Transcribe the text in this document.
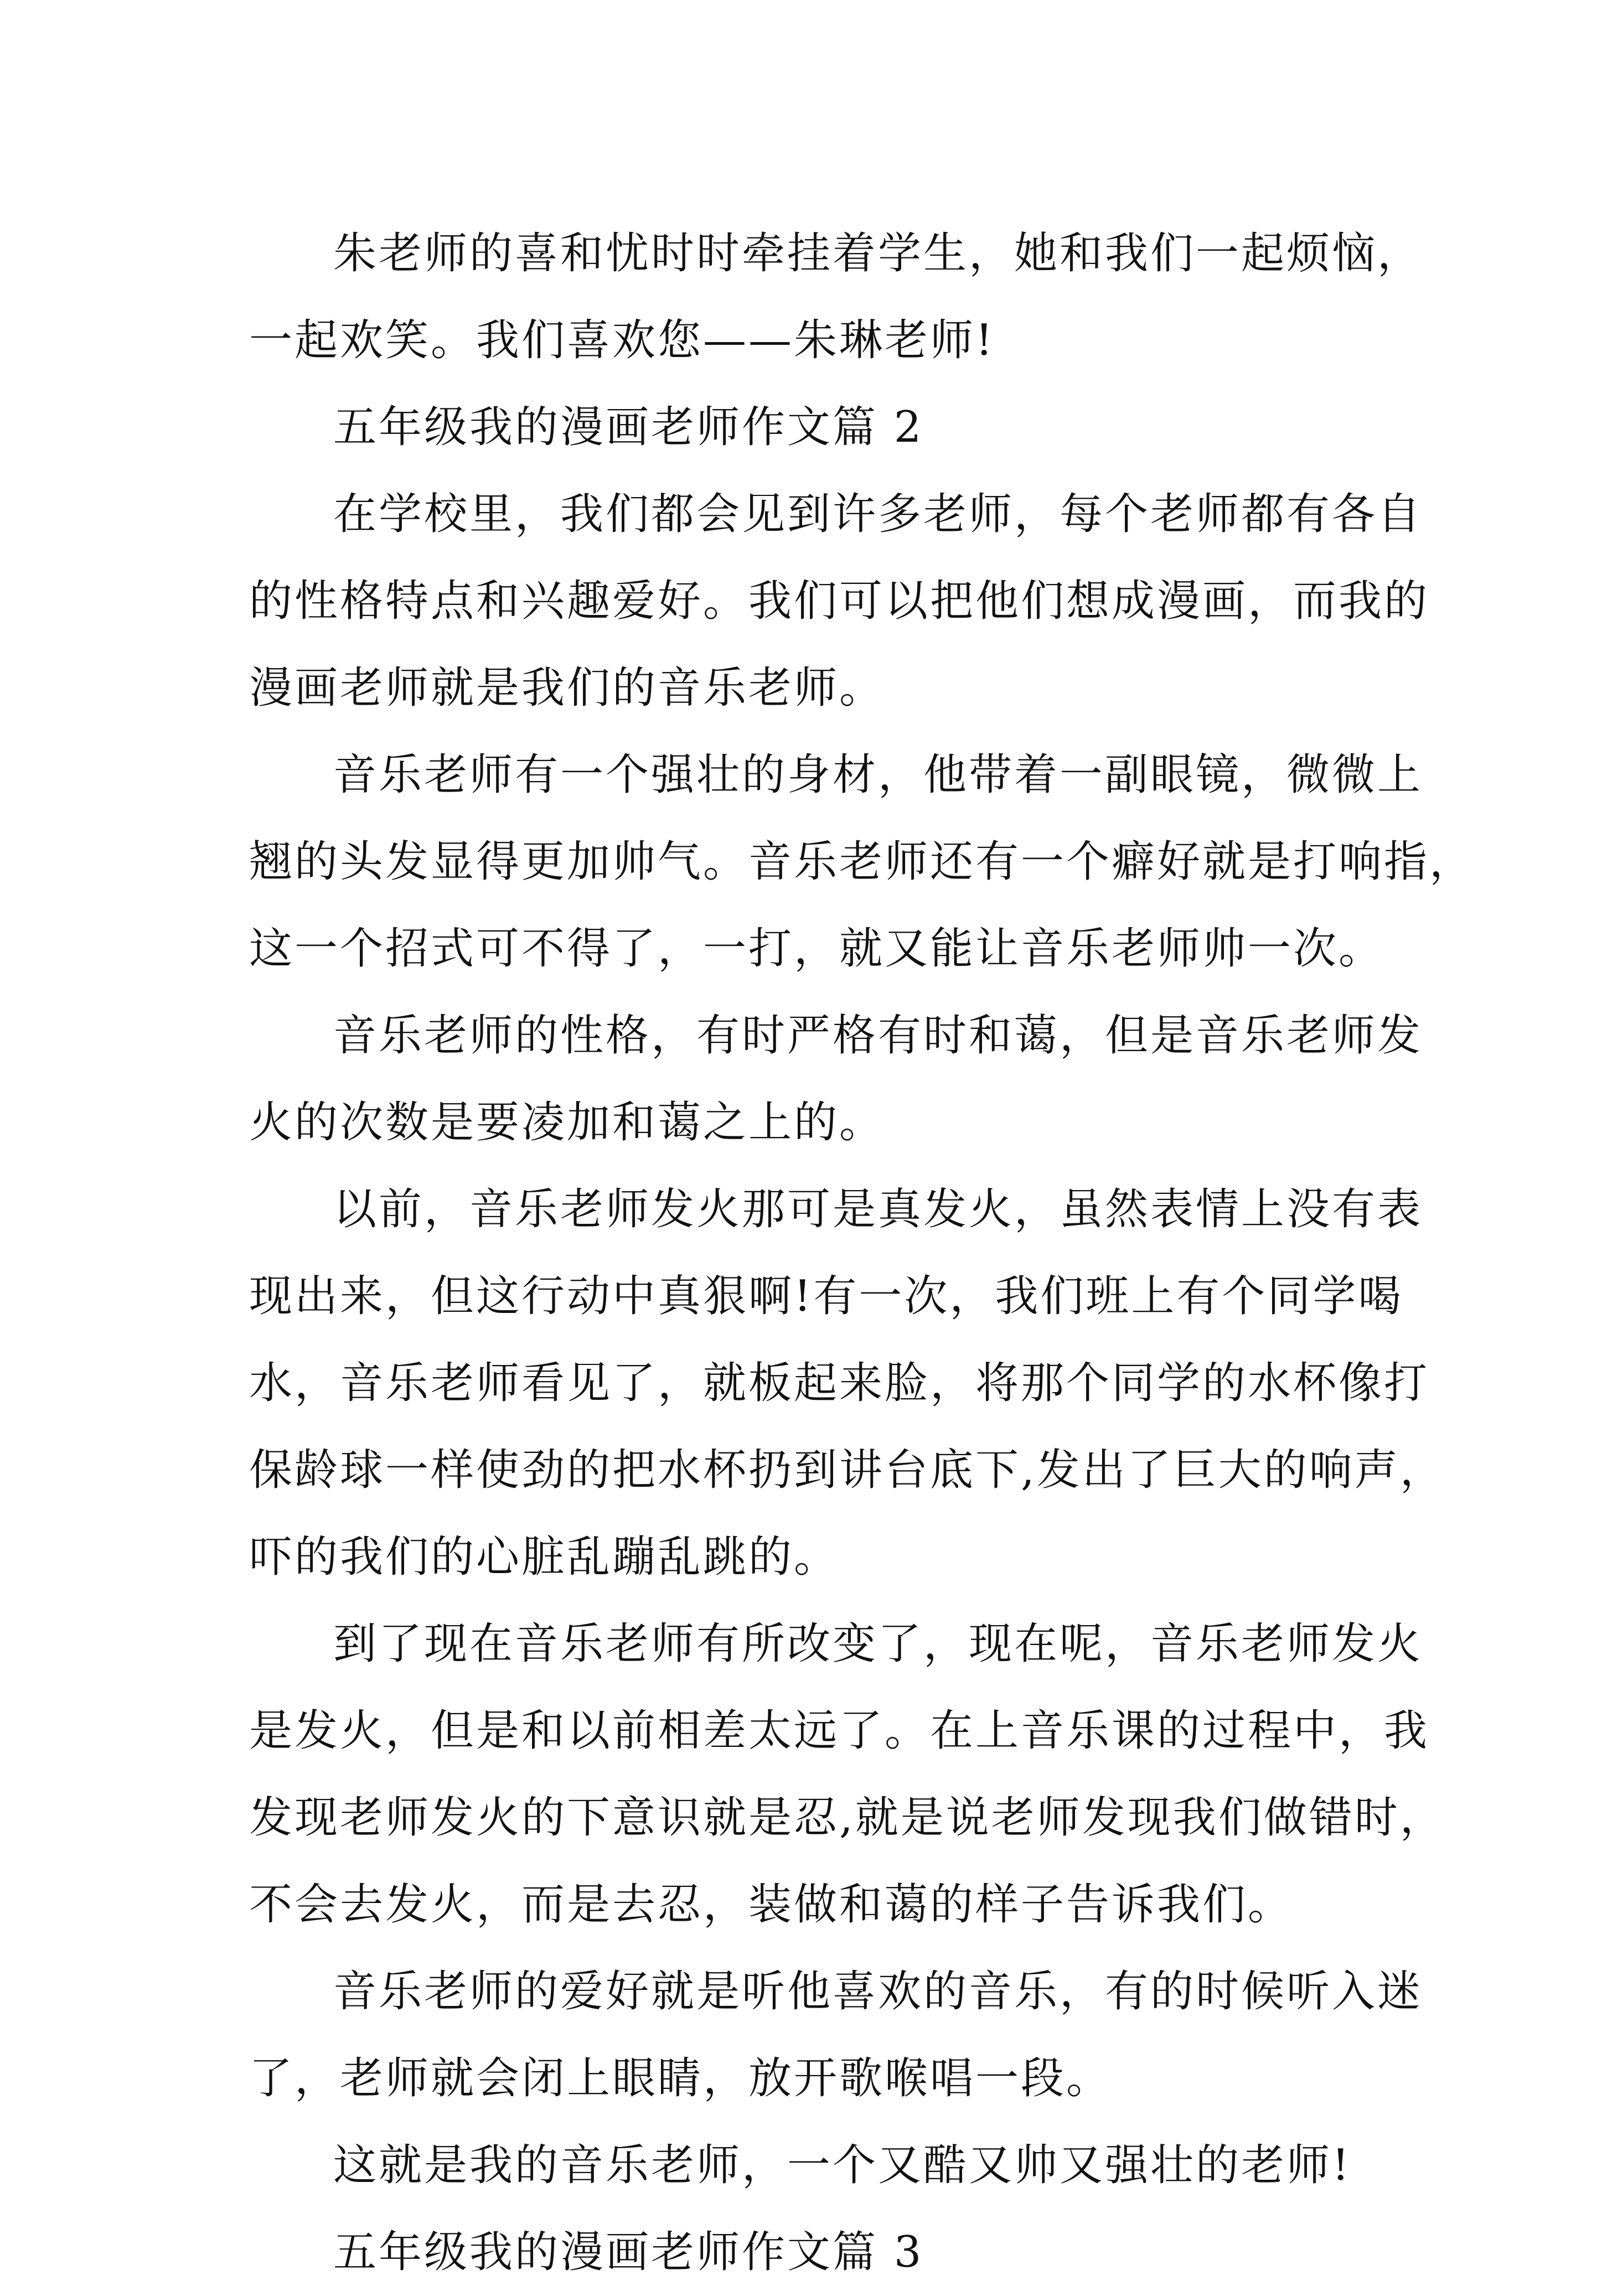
朱老师的喜和忧时时牵挂着学生，她和我们一起烦恼，
一起欢笑。我们喜欢您——朱琳老师!
五年级我的漫画老师作文篇 2
在学校里，我们都会见到许多老师，每个老师都有各自
的性格特点和兴趣爱好。我们可以把他们想成漫画，而我的
漫画老师就是我们的音乐老师。
音乐老师有一个强壮的身材，他带着一副眼镜，微微上
翘的头发显得更加帅气。音乐老师还有一个癖好就是打响指，
这一个招式可不得了，一打，就又能让音乐老师帅一次。
音乐老师的性格，有时严格有时和蔼，但是音乐老师发
火的次数是要凌加和蔼之上的。
以前，音乐老师发火那可是真发火，虽然表情上没有表
现出来，但这行动中真狠啊!有一次，我们班上有个同学喝
水，音乐老师看见了，就板起来脸，将那个同学的水杯像打
保龄球一样使劲的把水杯扔到讲台底下,发出了巨大的响声，
吓的我们的心脏乱蹦乱跳的。
到了现在音乐老师有所改变了，现在呢，音乐老师发火
是发火，但是和以前相差太远了。在上音乐课的过程中，我
发现老师发火的下意识就是忍,就是说老师发现我们做错时，
不会去发火，而是去忍，装做和蔼的样子告诉我们。
音乐老师的爱好就是听他喜欢的音乐，有的时候听入迷
了，老师就会闭上眼睛，放开歌喉唱一段。
这就是我的音乐老师，一个又酷又帅又强壮的老师!
五年级我的漫画老师作文篇 3
